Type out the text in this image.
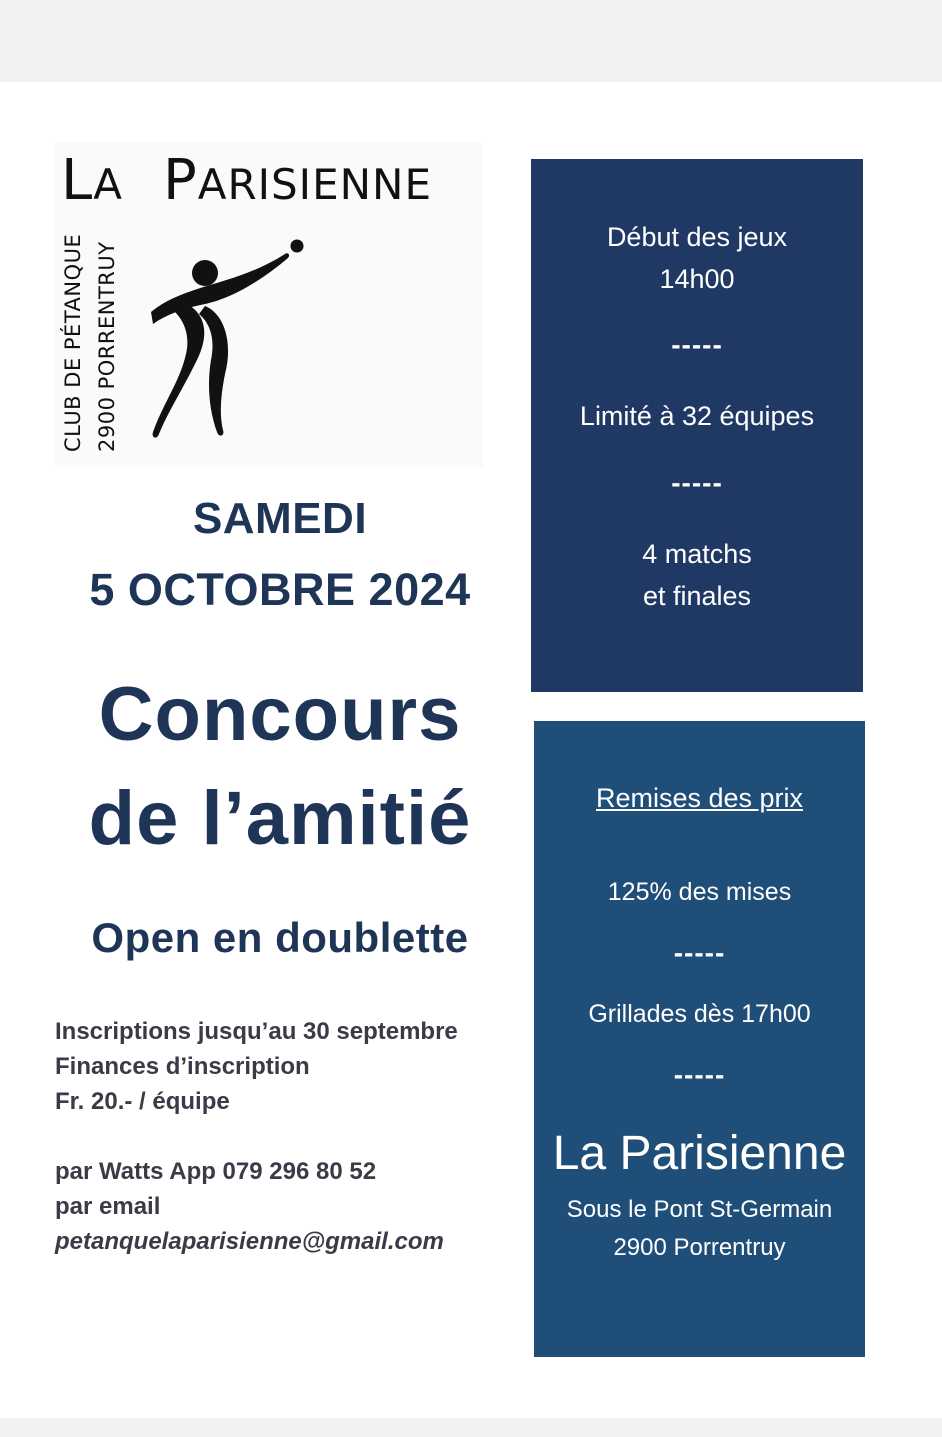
LA PARISIENNE
CLUB DE PÉTANQUE 2900 PORRENTRUY
SAMEDI
5 OCTOBRE 2024
Concours
de l’amitié
Open en doublette
Inscriptions jusqu’au 30 septembre
Finances d’inscription
Fr. 20.- / équipe
par Watts App 079 296 80 52
par email
petanquelaparisienne@gmail.com
Début des jeux
14h00
-----
Limité à 32 équipes
-----
4 matchs
et finales
Remises des prix
125% des mises
-----
Grillades dès 17h00
-----
La Parisienne
Sous le Pont St-Germain
2900 Porrentruy
